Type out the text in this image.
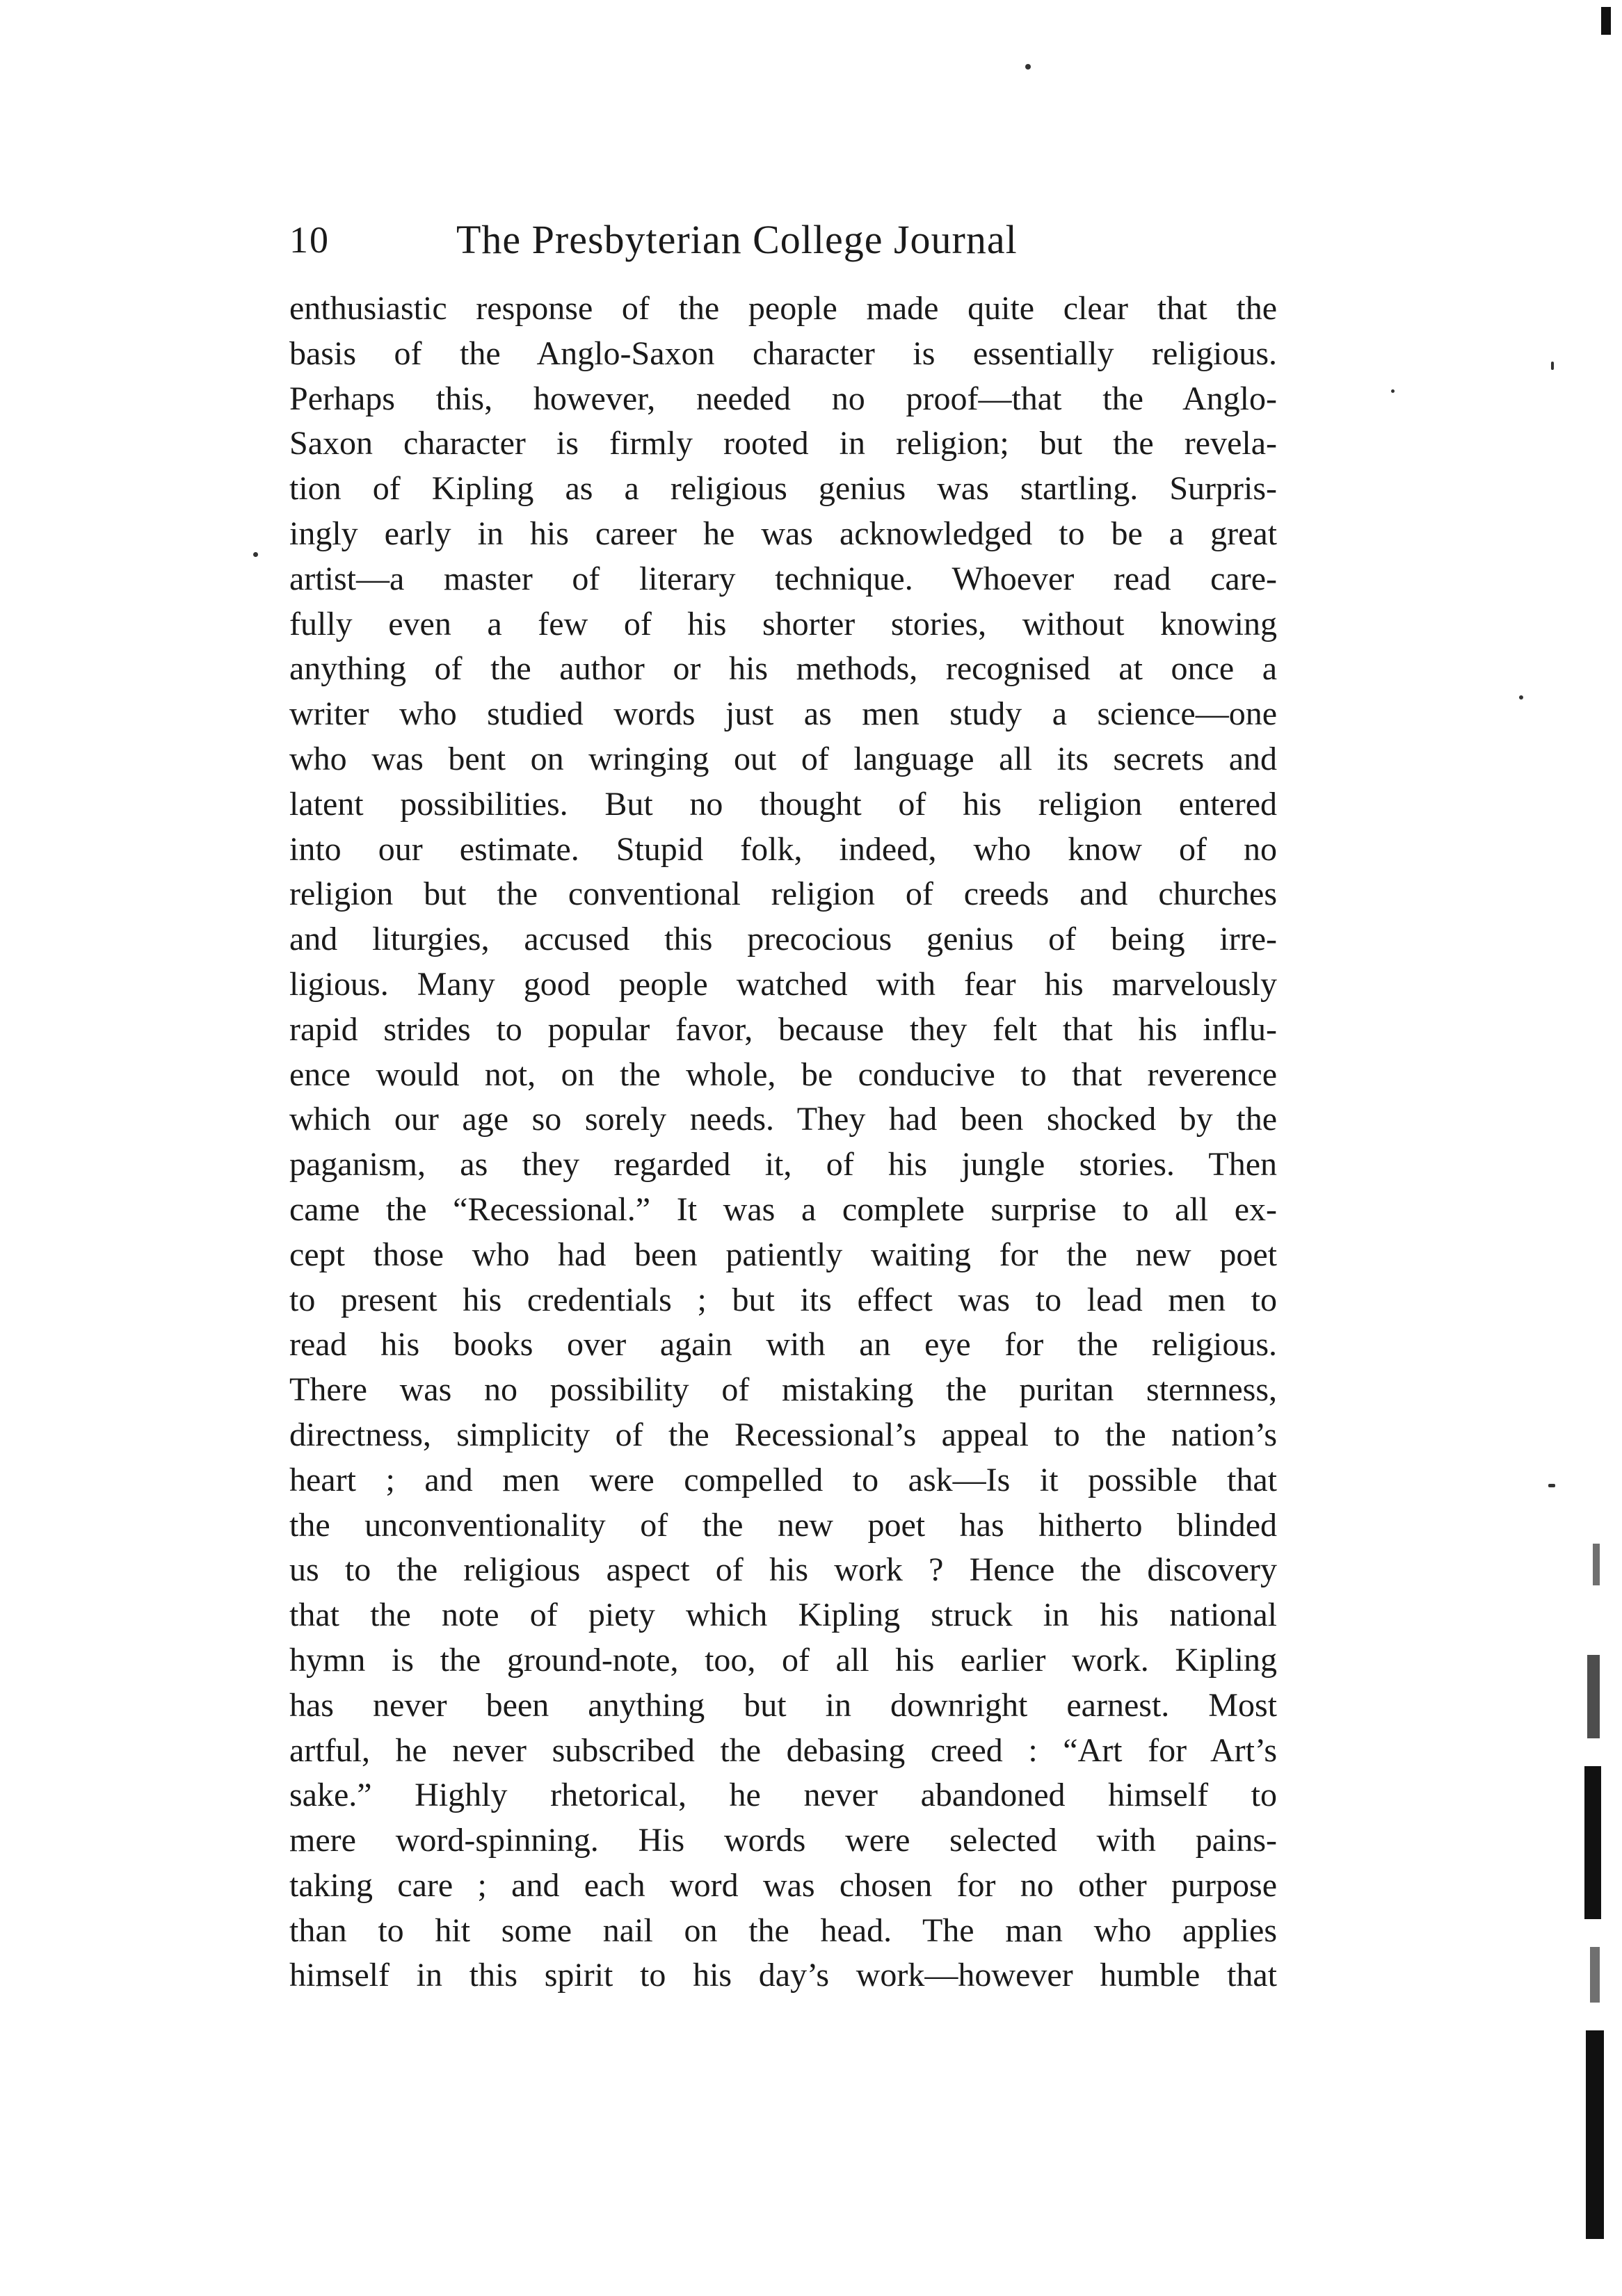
10	The Presbyterian College Journal
enthusiastic response of the people made quite clear that the
basis of the Anglo-Saxon character is essentially religious.
Perhaps this, however, needed no proof—that the Anglo-
Saxon character is firmly rooted in religion; but the revela-
tion of Kipling as a religious genius was startling. Surpris-
ingly early in his career he was acknowledged to be a great
artist—a master of literary technique. Whoever read care-
fully even a few of his shorter stories, without knowing
anything of the author or his methods, recognised at once a
writer who studied words just as men study a science—one
who was bent on wringing out of language all its secrets and
latent possibilities. But no thought of his religion entered
into our estimate. Stupid folk, indeed, who know of no
religion but the conventional religion of creeds and churches
and liturgies, accused this precocious genius of being irre-
ligious. Many good people watched with fear his marvelously
rapid strides to popular favor, because they felt that his influ-
ence would not, on the whole, be conducive to that reverence
which our age so sorely needs. They had been shocked by the
paganism, as they regarded it, of his jungle stories. Then
came the “Recessional.” It was a complete surprise to all ex-
cept those who had been patiently waiting for the new poet
to present his credentials ; but its effect was to lead men to
read his books over again with an eye for the religious.
There was no possibility of mistaking the puritan sternness,
directness, simplicity of the Recessional’s appeal to the nation’s
heart ; and men were compelled to ask—Is it possible that
the unconventionality of the new poet has hitherto blinded
us to the religious aspect of his work ? Hence the discovery
that the note of piety which Kipling struck in his national
hymn is the ground-note, too, of all his earlier work. Kipling
has never been anything but in downright earnest. Most
artful, he never subscribed the debasing creed : “Art for Art’s
sake.” Highly rhetorical, he never abandoned himself to
mere word-spinning. His words were selected with pains-
taking care ; and each word was chosen for no other purpose
than to hit some nail on the head. The man who applies
himself in this spirit to his day’s work—however humble that
